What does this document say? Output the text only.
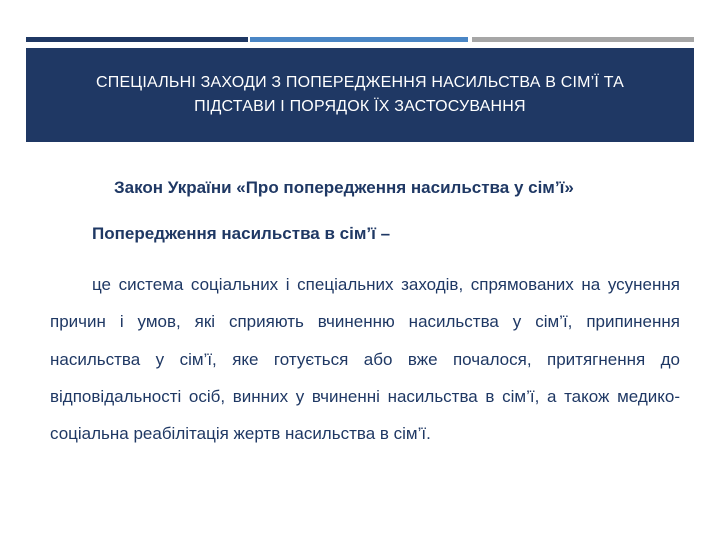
СПЕЦІАЛЬНІ ЗАХОДИ З ПОПЕРЕДЖЕННЯ НАСИЛЬСТВА В СІМ’Ї ТА ПІДСТАВИ І ПОРЯДОК ЇХ ЗАСТОСУВАННЯ
Закон України «Про попередження насильства у сім’ї»
Попередження насильства в сім’ї –

це система соціальних і спеціальних заходів, спрямованих на усунення причин і умов, які сприяють вчиненню насильства у сім’ї, припинення насильства у сім’ї, яке готується або вже почалося, притягнення до відповідальності осіб, винних у вчиненні насильства в сім’ї, а також медико-соціальна реабілітація жертв насильства в сім’ї.
